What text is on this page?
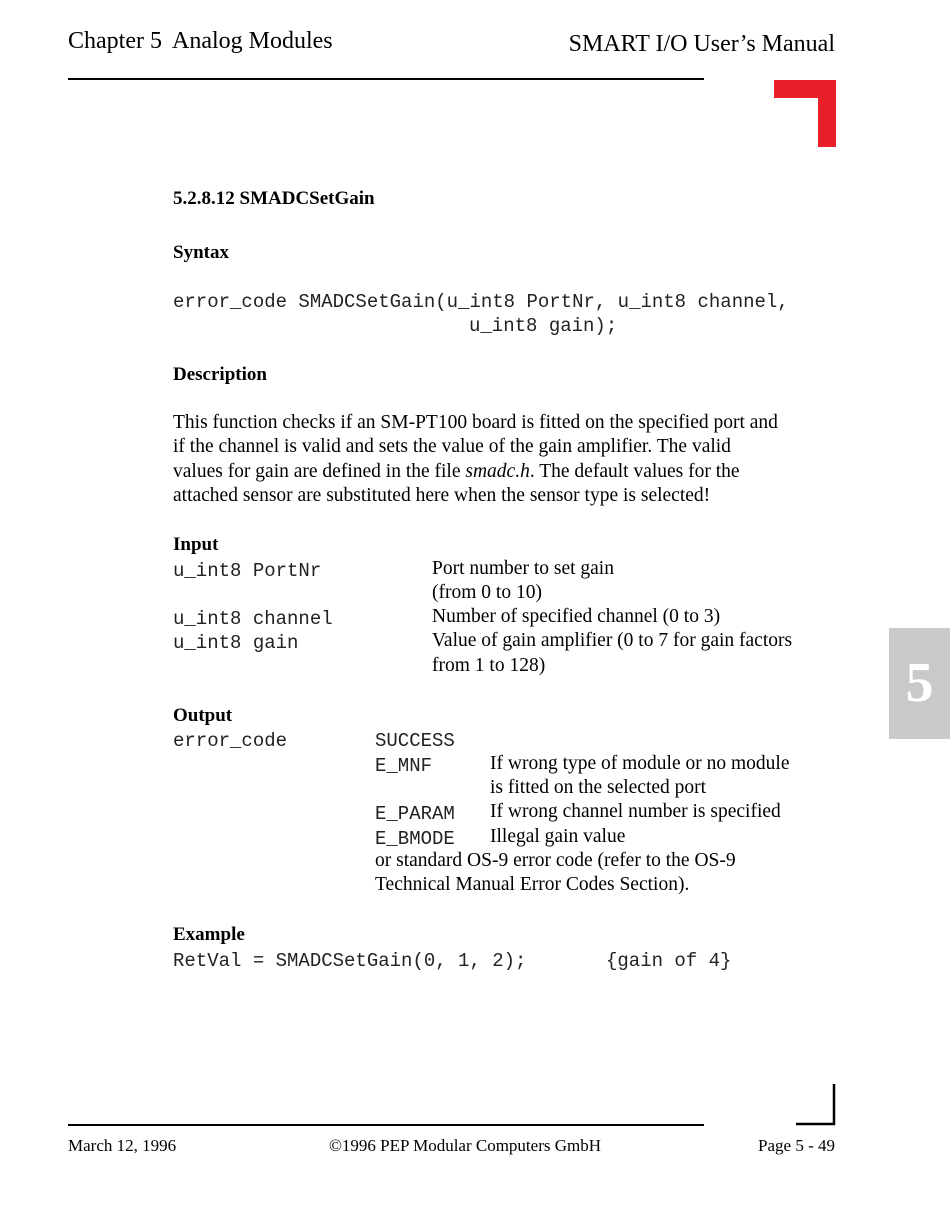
Chapter 5 Analog Modules	SMART I/O User’s Manual
5
5.2.8.12 SMADCSetGain
Syntax
error_code SMADCSetGain(u_int8 PortNr, u_int8 channel,
u_int8 gain);
Description

This function checks if an SM-PT100 board is fitted on the specified port and

if the channel is valid and sets the value of the gain amplifier. The valid

values for gain are defined in the file smadc.h. The default values for the

attached sensor are substituted here when the sensor type is selected!

Input
u_int8 PortNr	Port number to set gain
(from 0 to 10)
u_int8 channel	Number of specified channel (0 to 3)
u_int8 gain	Value of gain amplifier (0 to 7 for gain factors
from 1 to 128)
Output
error_code	SUCCESS
E_MNF	If wrong type of module or no module
is fitted on the selected port
E_PARAM If wrong channel number is specified
E_BMODE Illegal gain value
or standard OS-9 error code (refer to the OS-9
Technical Manual Error Codes Section).
Example
RetVal = SMADCSetGain(0, 1, 2);	{gain of 4}
March 12, 1996	©1996 PEP Modular Computers GmbH	Page 5 - 49
